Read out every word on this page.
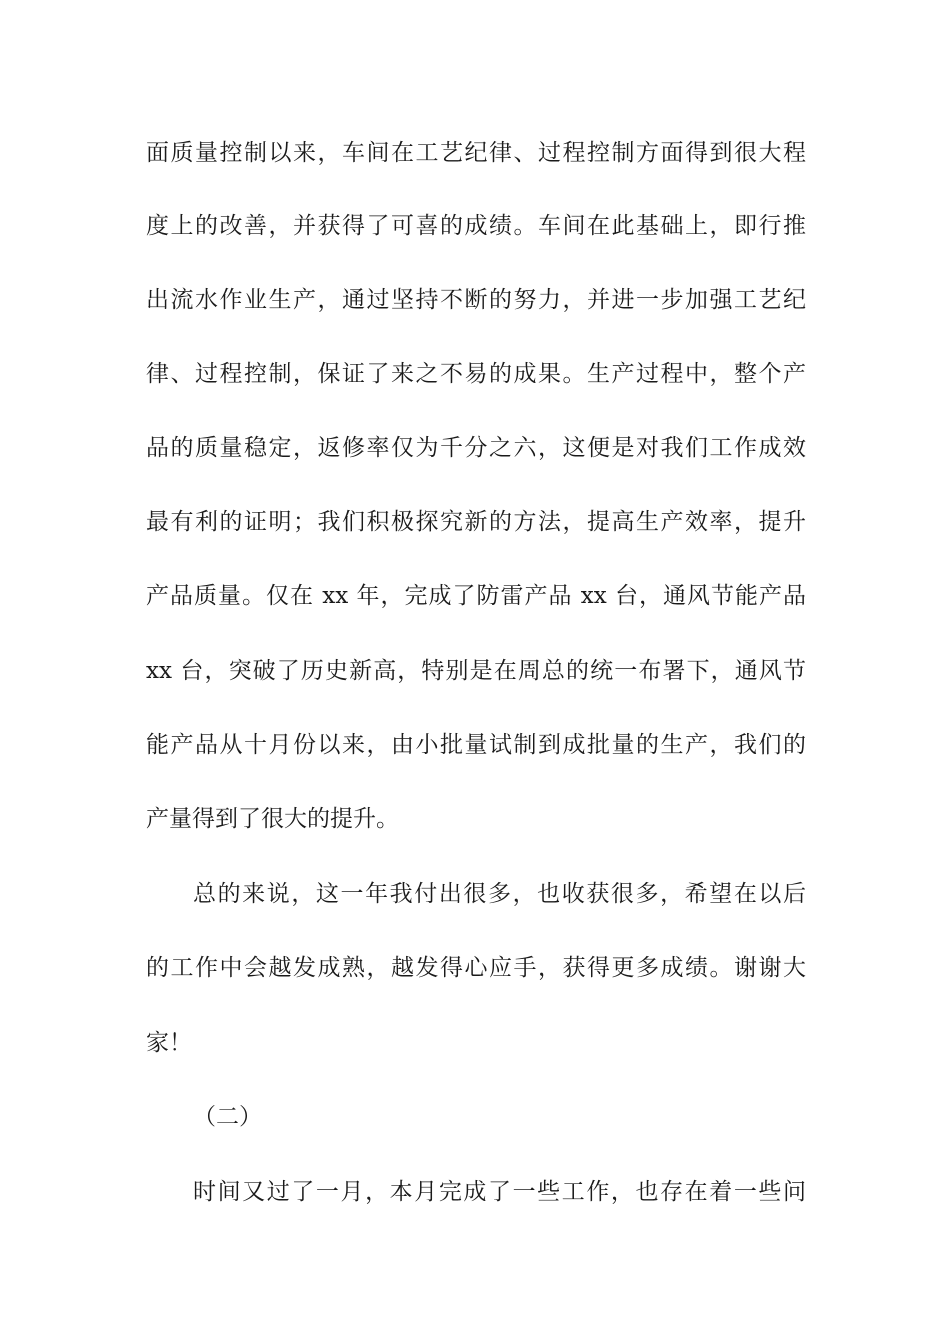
面质量控制以来，车间在工艺纪律、过程控制方面得到很大程
度上的改善，并获得了可喜的成绩。车间在此基础上，即行推
出流水作业生产，通过坚持不断的努力，并进一步加强工艺纪
律、过程控制，保证了来之不易的成果。生产过程中，整个产
品的质量稳定，返修率仅为千分之六，这便是对我们工作成效
最有利的证明；我们积极探究新的方法，提高生产效率，提升
产品质量。仅在 xx 年，完成了防雷产品 xx 台，通风节能产品
xx 台，突破了历史新高，特别是在周总的统一布署下，通风节
能产品从十月份以来，由小批量试制到成批量的生产，我们的
产量得到了很大的提升。
总的来说，这一年我付出很多，也收获很多，希望在以后
的工作中会越发成熟，越发得心应手，获得更多成绩。谢谢大
家！
（二）
时间又过了一月，本月完成了一些工作，也存在着一些问
